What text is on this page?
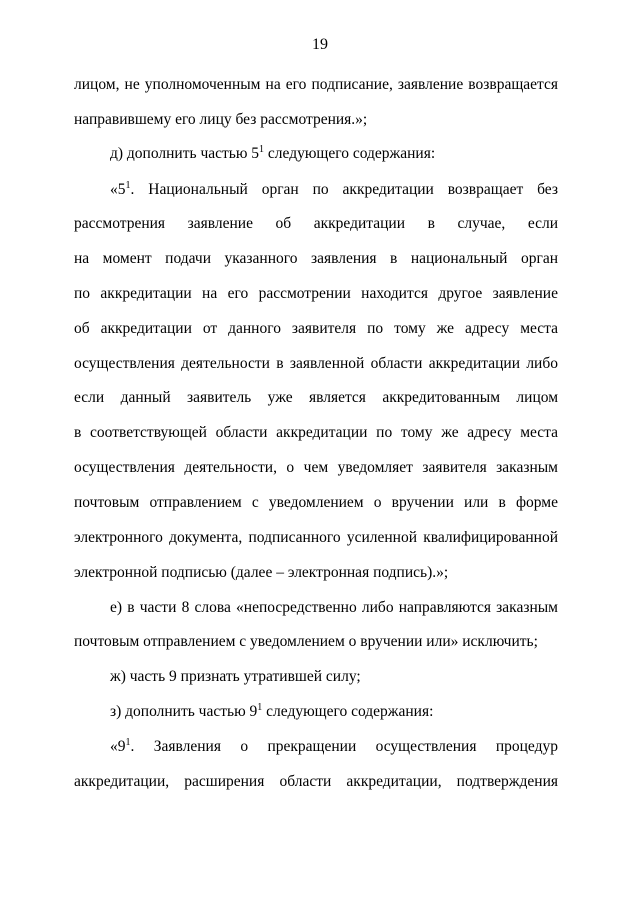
19
лицом, не уполномоченным на его подписание, заявление возвращается
направившему его лицу без рассмотрения.»;
д) дополнить частью $5^1$ следующего содержания:
«$5^1$. Национальный орган по аккредитации возвращает без
рассмотрения заявление об аккредитации в случае, если
на момент подачи указанного заявления в национальный орган
по аккредитации на его рассмотрении находится другое заявление
об аккредитации от данного заявителя по тому же адресу места
осуществления деятельности в заявленной области аккредитации либо
если данный заявитель уже является аккредитованным лицом
в соответствующей области аккредитации по тому же адресу места
осуществления деятельности, о чем уведомляет заявителя заказным
почтовым отправлением с уведомлением о вручении или в форме
электронного документа, подписанного усиленной квалифицированной
электронной подписью (далее – электронная подпись).»;
е) в части 8 слова «непосредственно либо направляются заказным
почтовым отправлением с уведомлением о вручении или» исключить;
ж) часть 9 признать утратившей силу;
з) дополнить частью $9^1$ следующего содержания:
«$9^1$. Заявления о прекращении осуществления процедур
аккредитации, расширения области аккредитации, подтверждения
